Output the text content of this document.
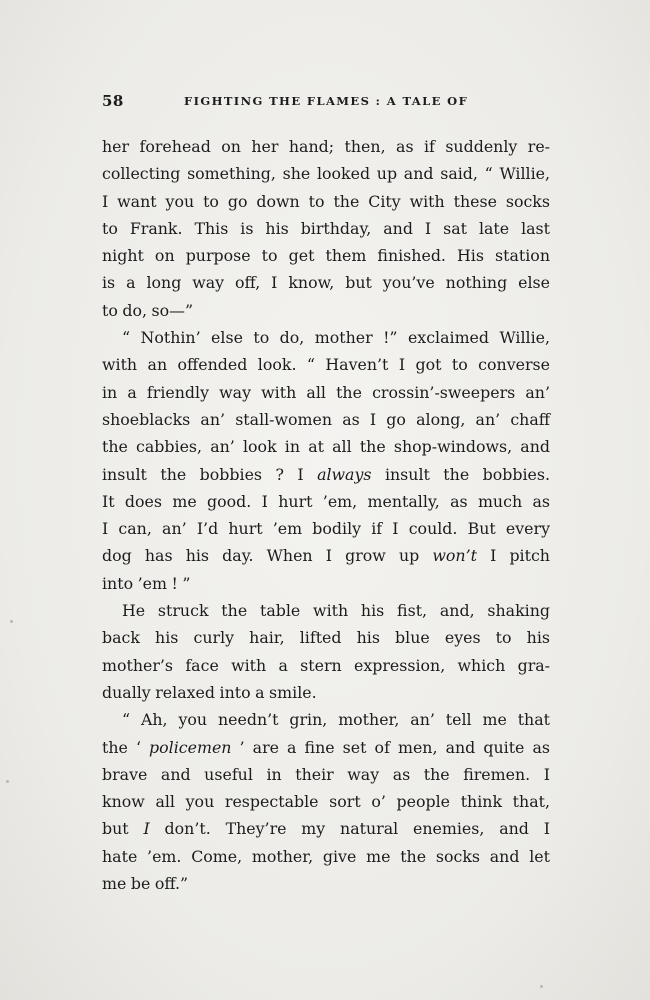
58	FIGHTING THE FLAMES : A TALE OF
her forehead on her hand; then, as if suddenly re-
collecting something, she looked up and said, “ Willie,
I want you to go down to the City with these socks
to Frank. This is his birthday, and I sat late last
night on purpose to get them finished. His station
is a long way off, I know, but you’ve nothing else
to do, so—”
“ Nothin’ else to do, mother !” exclaimed Willie,
with an offended look. “ Haven’t I got to converse
in a friendly way with all the crossin’-sweepers an’
shoeblacks an’ stall-women as I go along, an’ chaff
the cabbies, an’ look in at all the shop-windows, and
insult the bobbies ? I always insult the bobbies.
It does me good. I hurt ’em, mentally, as much as
I can, an’ I’d hurt ’em bodily if I could. But every
dog has his day. When I grow up won’t I pitch
into ’em ! ”
He struck the table with his fist, and, shaking
back his curly hair, lifted his blue eyes to his
mother’s face with a stern expression, which gra-
dually relaxed into a smile.
“ Ah, you needn’t grin, mother, an’ tell me that
the ‘ policemen ’ are a fine set of men, and quite as
brave and useful in their way as the firemen. I
know all you respectable sort o’ people think that,
but I don’t. They’re my natural enemies, and I
hate ’em. Come, mother, give me the socks and let
me be off.”
